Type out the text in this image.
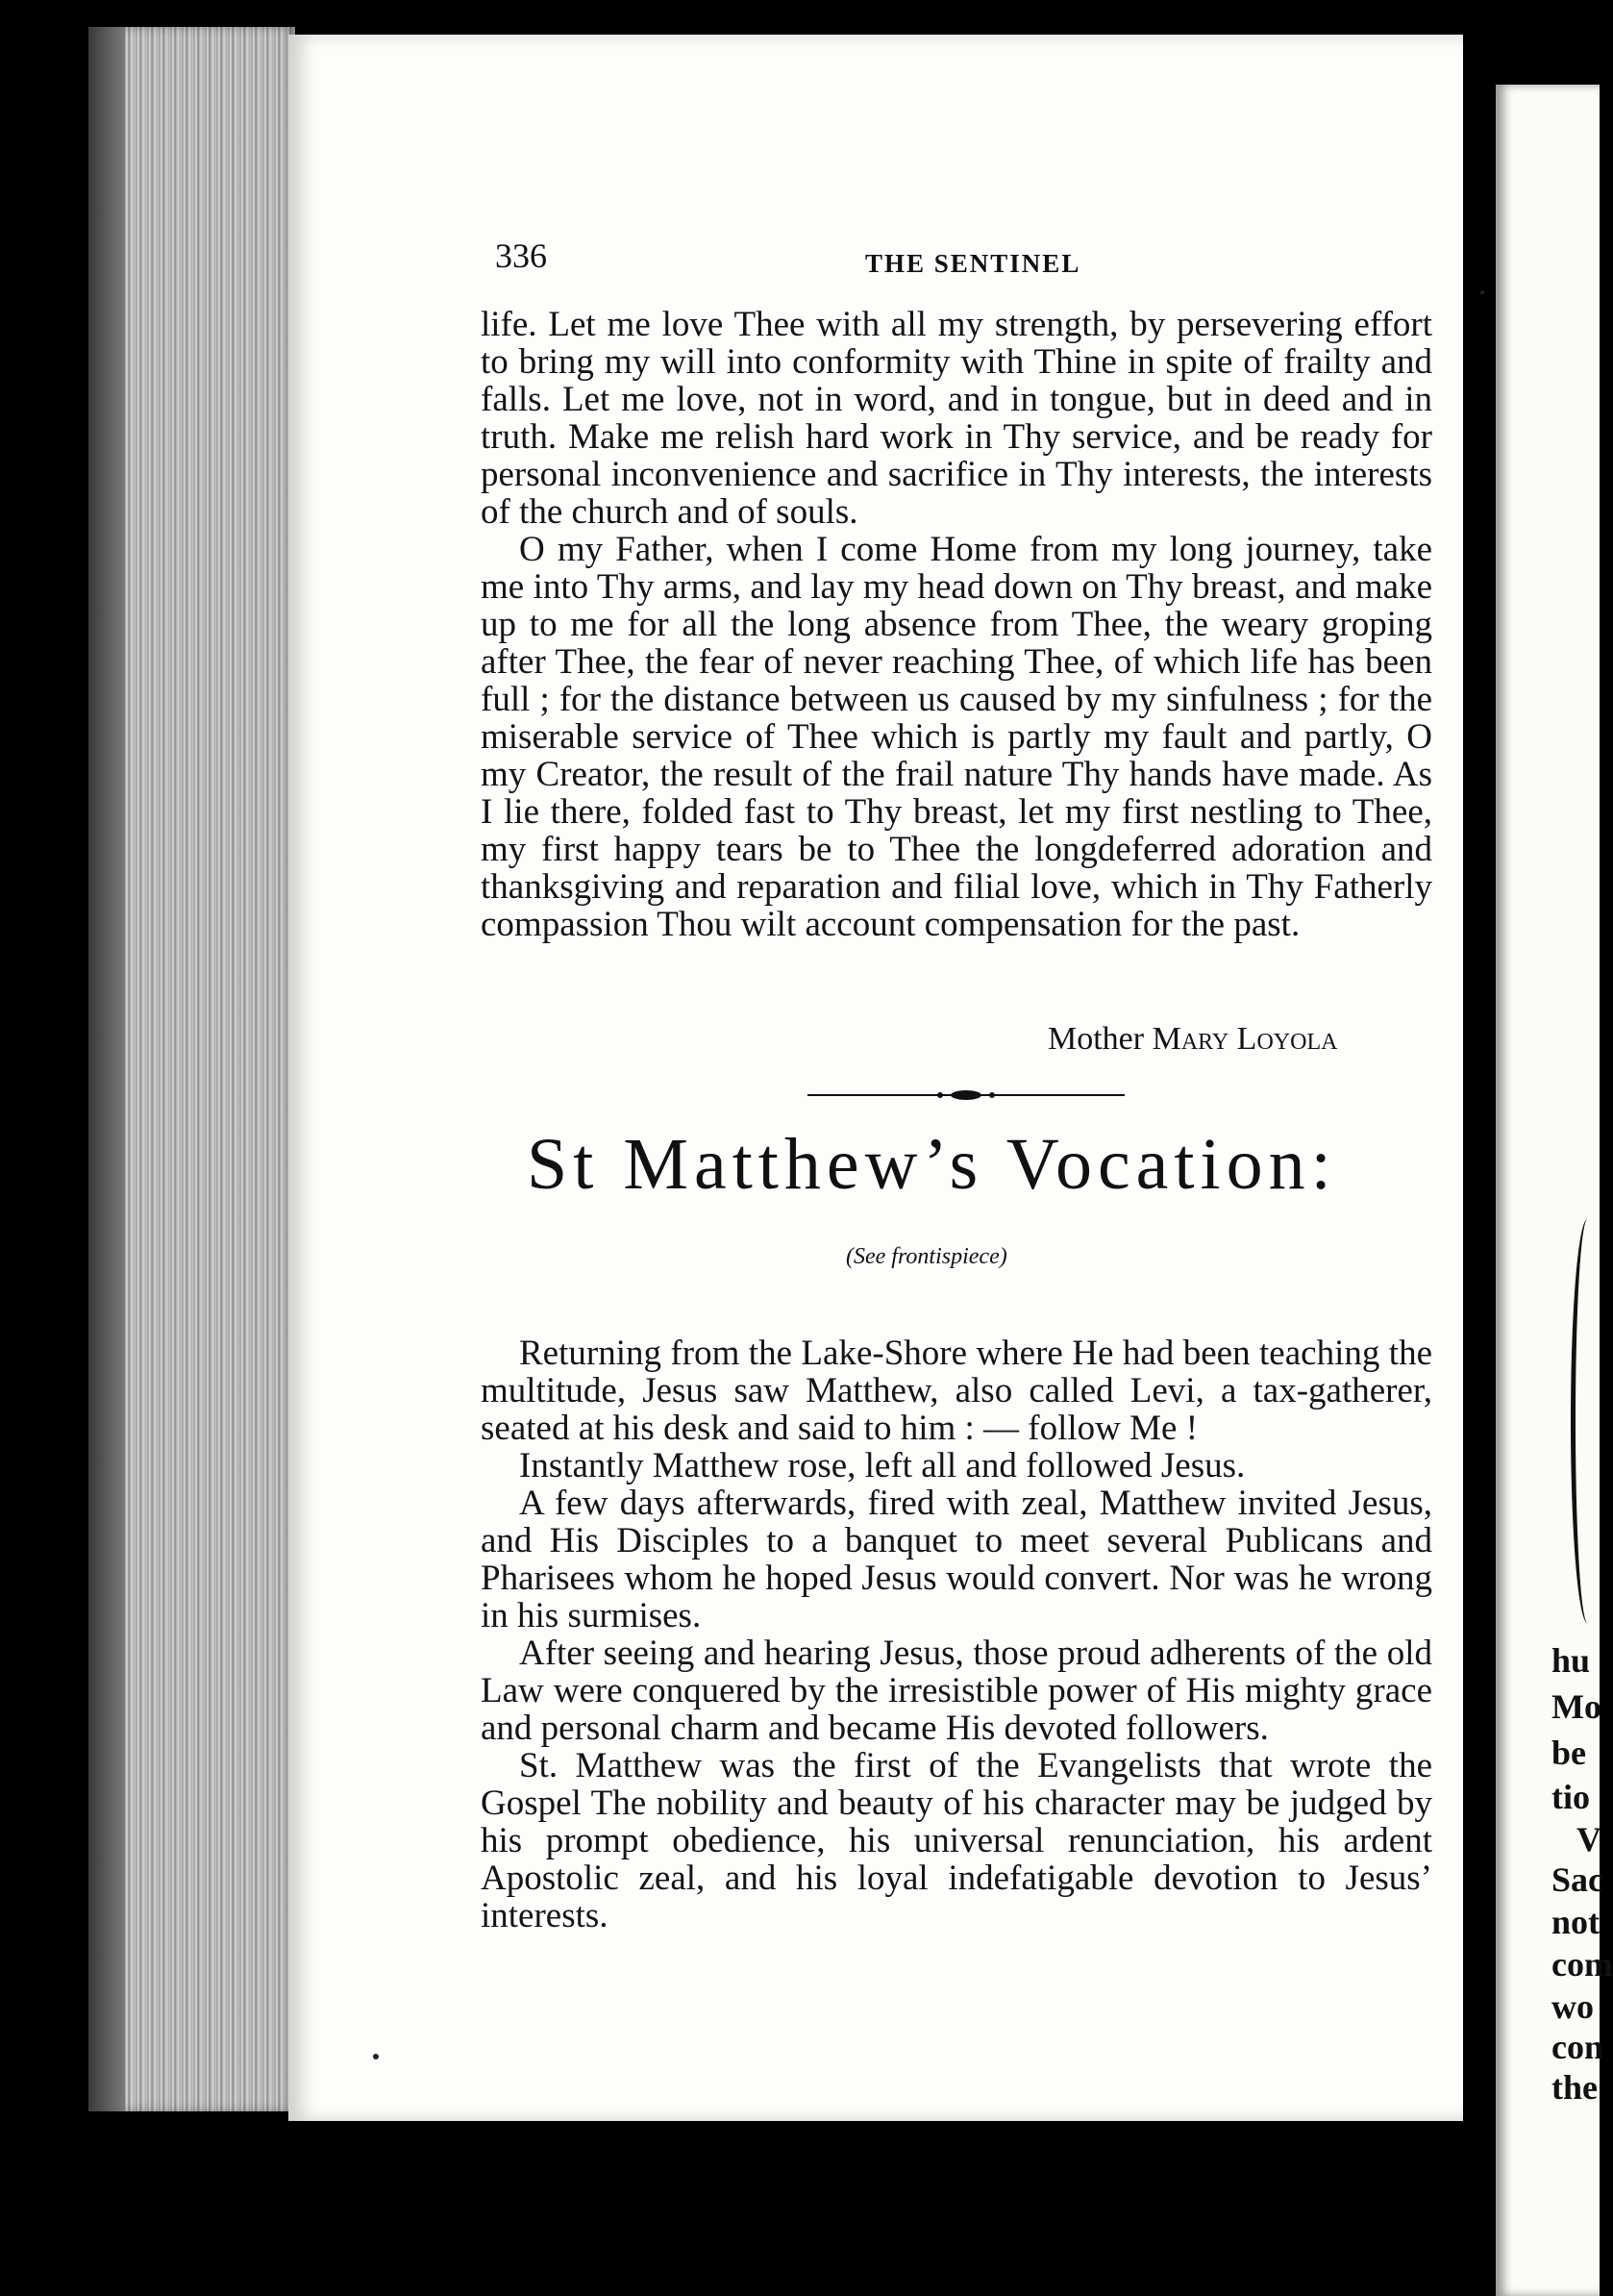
hu
Mo
be
tio
V
Sac
not
com
wo
con
the
336	THE SENTINEL

life. Let me love Thee with all my strength, by persevering effort to bring my will into conformity with Thine in spite of frailty and falls. Let me love, not in word, and in tongue, but in deed and in truth. Make me relish hard work in Thy service, and be ready for personal inconvenience and sacrifice in Thy interests, the interests of the church and of souls.

O my Father, when I come Home from my long journey, take me into Thy arms, and lay my head down on Thy breast, and make up to me for all the long absence from Thee, the weary groping after Thee, the fear of never reaching Thee, of which life has been full ; for the distance between us caused by my sinfulness ; for the miserable service of Thee which is partly my fault and partly, O my Creator, the result of the frail nature Thy hands have made. As I lie there, folded fast to Thy breast, let my first nestling to Thee, my first happy tears be to Thee the longdeferred adoration and thanksgiving and reparation and filial love, which in Thy Fatherly compassion Thou wilt account compensation for the past.

Mother Mary Loyola
St Matthew’s Vocation:
(See frontispiece)

Returning from the Lake-Shore where He had been teaching the multitude, Jesus saw Matthew, also called Levi, a tax-gatherer, seated at his desk and said to him : — follow Me !

Instantly Matthew rose, left all and followed Jesus.

A few days afterwards, fired with zeal, Matthew invited Jesus, and His Disciples to a banquet to meet several Publicans and Pharisees whom he hoped Jesus would convert. Nor was he wrong in his surmises.

After seeing and hearing Jesus, those proud adherents of the old Law were conquered by the irresistible power of His mighty grace and personal charm and became His devoted followers.

St. Matthew was the first of the Evangelists that wrote the Gospel The nobility and beauty of his character may be judged by his prompt obedience, his universal renunciation, his ardent Apostolic zeal, and his loyal indefatigable devotion to Jesus’ interests.
